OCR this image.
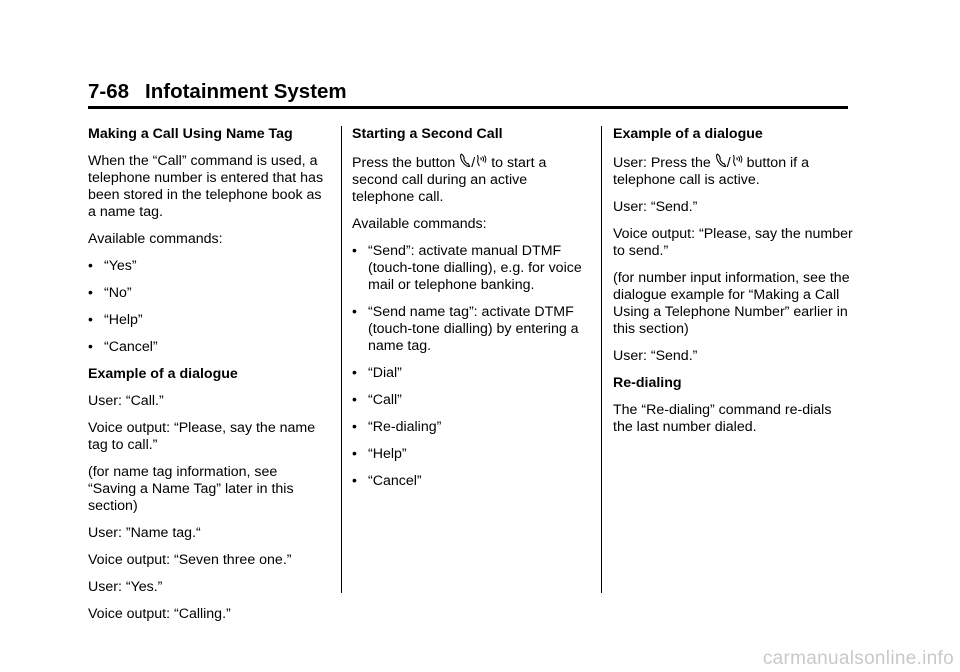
7-68 Infotainment System
Making a Call Using Name Tag
When the “Call” command is used, a telephone number is entered that has been stored in the telephone book as a name tag.
Available commands:
• “Yes”
• “No”
• “Help”
• “Cancel”
Example of a dialogue
User: “Call.”
Voice output: “Please, say the name tag to call.”
(for name tag information, see “Saving a Name Tag” later in this section)
User: ”Name tag.“
Voice output: “Seven three one.”
User: “Yes.”
Voice output: “Calling.”
Starting a Second Call
Press the button / to start a second call during an active telephone call.
Available commands:
• “Send”: activate manual DTMF (touch-tone dialling), e.g. for voice mail or telephone banking.
• “Send name tag”: activate DTMF (touch-tone dialling) by entering a name tag.
• “Dial”
• “Call”
• “Re-dialing”
• “Help”
• “Cancel”
Example of a dialogue
User: Press the / button if a telephone call is active.
User: “Send.”
Voice output: “Please, say the number to send.”
(for number input information, see the dialogue example for “Making a Call Using a Telephone Number” earlier in this section)
User: “Send.”
Re-dialing
The “Re-dialing” command re-dials the last number dialed.
carmanualsonline.info
